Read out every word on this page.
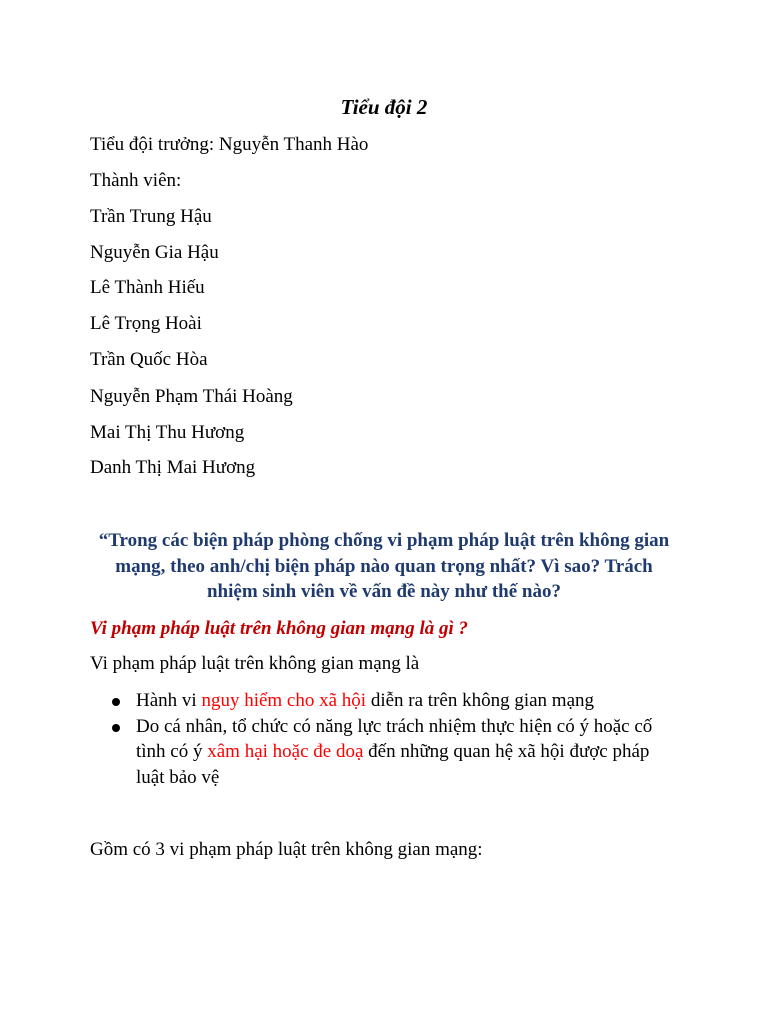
Tiểu đội 2
Tiểu đội trưởng: Nguyễn Thanh Hào
Thành viên:
Trần Trung Hậu
Nguyễn Gia Hậu
Lê Thành Hiếu
Lê Trọng Hoài
Trần Quốc Hòa
Nguyễn Phạm Thái Hoàng
Mai Thị Thu Hương
Danh Thị Mai Hương
“Trong các biện pháp phòng chống vi phạm pháp luật trên không gian mạng, theo anh/chị biện pháp nào quan trọng nhất? Vì sao? Trách nhiệm sinh viên về vấn đề này như thế nào?
Vi phạm pháp luật trên không gian mạng là gì ?
Vi phạm pháp luật trên không gian mạng là
Hành vi nguy hiểm cho xã hội diễn ra trên không gian mạng
Do cá nhân, tổ chức có năng lực trách nhiệm thực hiện có ý hoặc cố tình có ý xâm hại hoặc đe doạ đến những quan hệ xã hội được pháp luật bảo vệ
Gồm có 3 vi phạm pháp luật trên không gian mạng:
